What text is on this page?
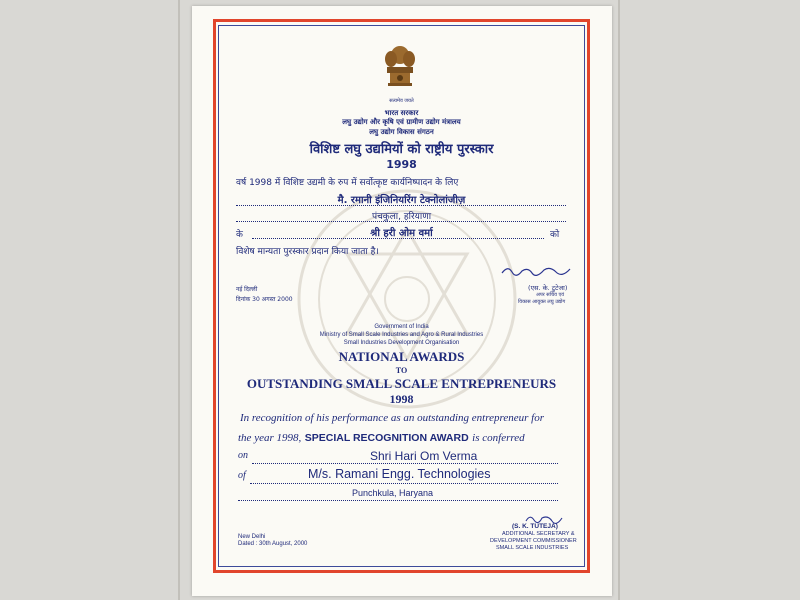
सत्यमेव जयते
भारत सरकार
लघु उद्योग और कृषि एवं ग्रामीण उद्योग मंत्रालय
लघु उद्योग विकास संगठन
विशिष्ट लघु उद्यमियों को राष्ट्रीय पुरस्कार
1998
वर्ष 1998 में विशिष्ट उद्यमी के रुप में सर्वोत्कृष्ट कार्यनिष्पादन के लिए
मै. रमानी इंजिनियरिंग टेक्नोलांजीज़
पंचकुला, हरियाणा
के	श्री हरी ओम वर्मा	को
विशेष मान्यता पुरस्कार प्रदान किया जाता है।
नई दिल्ली
दिनांक 30 अगस्त 2000
(एस. के. टुटेजा)
अपर सचिव एवं
विकास आयुक्त लघु उद्योग
Government of India
Ministry of Small Scale Industries and Agro & Rural Industries
Small Industries Development Organisation
NATIONAL AWARDS
TO
OUTSTANDING SMALL SCALE ENTREPRENEURS
1998
In recognition of his performance as an outstanding entrepreneur for
the year 1998, SPECIAL RECOGNITION AWARD is conferred
on	Shri Hari Om Verma
of	M/s. Ramani Engg. Technologies
Punchkula, Haryana
(S. K. TUTEJA)
ADDITIONAL SECRETARY &
DEVELOPMENT COMMISSIONER
SMALL SCALE INDUSTRIES
New Delhi
Dated : 30th August, 2000
